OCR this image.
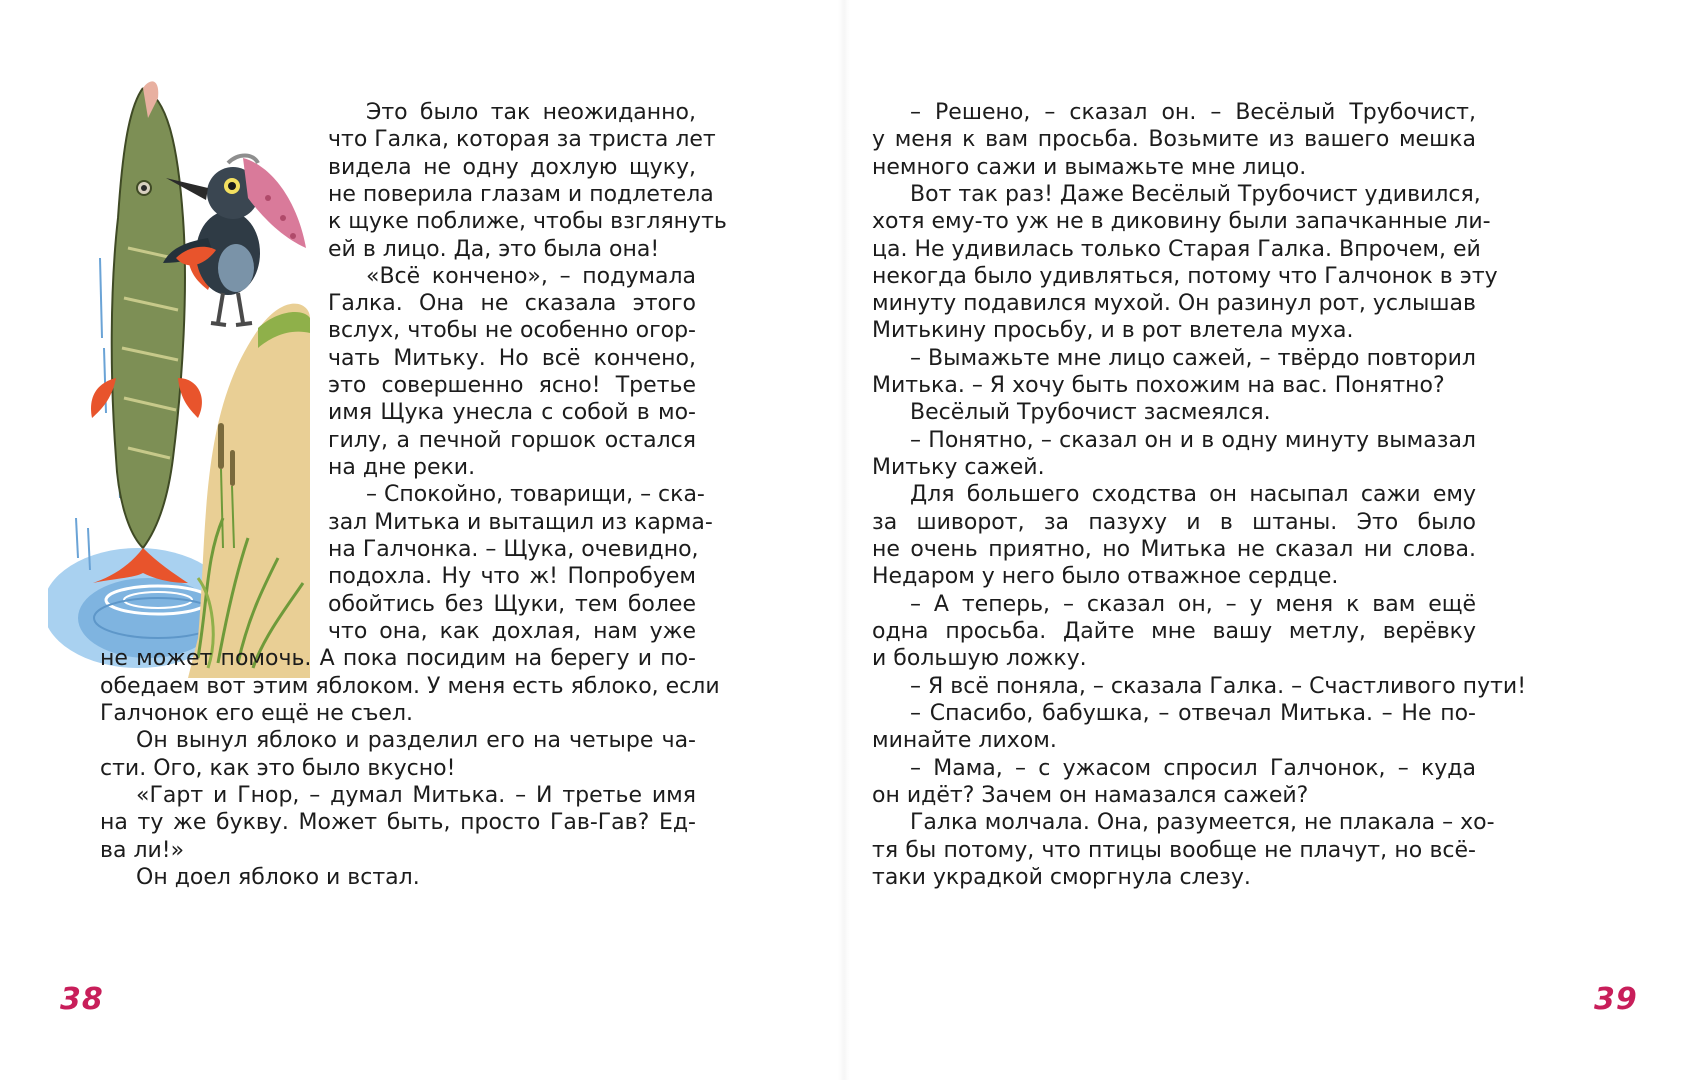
Это было так неожиданно,
что Галка, которая за триста лет
видела не одну дохлую щуку,
не поверила глазам и подлетела
к щуке поближе, чтобы взглянуть
ей в лицо. Да, это была она!
«Всё кончено», – подумала
Галка. Она не сказала этого
вслух, чтобы не особенно огор-
чать Митьку. Но всё кончено,
это совершенно ясно! Третье
имя Щука унесла с собой в мо-
гилу, а печной горшок остался
на дне реки.
– Спокойно, товарищи, – ска-
зал Митька и вытащил из карма-
на Галчонка. – Щука, очевидно,
подохла. Ну что ж! Попробуем
обойтись без Щуки, тем более
что она, как дохлая, нам уже
не может помочь. А пока посидим на берегу и по-
обедаем вот этим яблоком. У меня есть яблоко, если
Галчонок его ещё не съел.
Он вынул яблоко и разделил его на четыре ча-
сти. Ого, как это было вкусно!
«Гарт и Гнор, – думал Митька. – И третье имя
на ту же букву. Может быть, просто Гав-Гав? Ед-
ва ли!»
Он доел яблоко и встал.
38
– Решено, – сказал он. – Весёлый Трубочист,
у меня к вам просьба. Возьмите из вашего мешка
немного сажи и вымажьте мне лицо.
Вот так раз! Даже Весёлый Трубочист удивился,
хотя ему-то уж не в диковину были запачканные ли-
ца. Не удивилась только Старая Галка. Впрочем, ей
некогда было удивляться, потому что Галчонок в эту
минуту подавился мухой. Он разинул рот, услышав
Митькину просьбу, и в рот влетела муха.
– Вымажьте мне лицо сажей, – твёрдо повторил
Митька. – Я хочу быть похожим на вас. Понятно?
Весёлый Трубочист засмеялся.
– Понятно, – сказал он и в одну минуту вымазал
Митьку сажей.
Для большего сходства он насыпал сажи ему
за шиворот, за пазуху и в штаны. Это было
не очень приятно, но Митька не сказал ни слова.
Недаром у него было отважное сердце.
– А теперь, – сказал он, – у меня к вам ещё
одна просьба. Дайте мне вашу метлу, верёвку
и большую ложку.
– Я всё поняла, – сказала Галка. – Счастливого пути!
– Спасибо, бабушка, – отвечал Митька. – Не по-
минайте лихом.
– Мама, – с ужасом спросил Галчонок, – куда
он идёт? Зачем он намазался сажей?
Галка молчала. Она, разумеется, не плакала – хо-
тя бы потому, что птицы вообще не плачут, но всё-
таки украдкой сморгнула слезу.
39
